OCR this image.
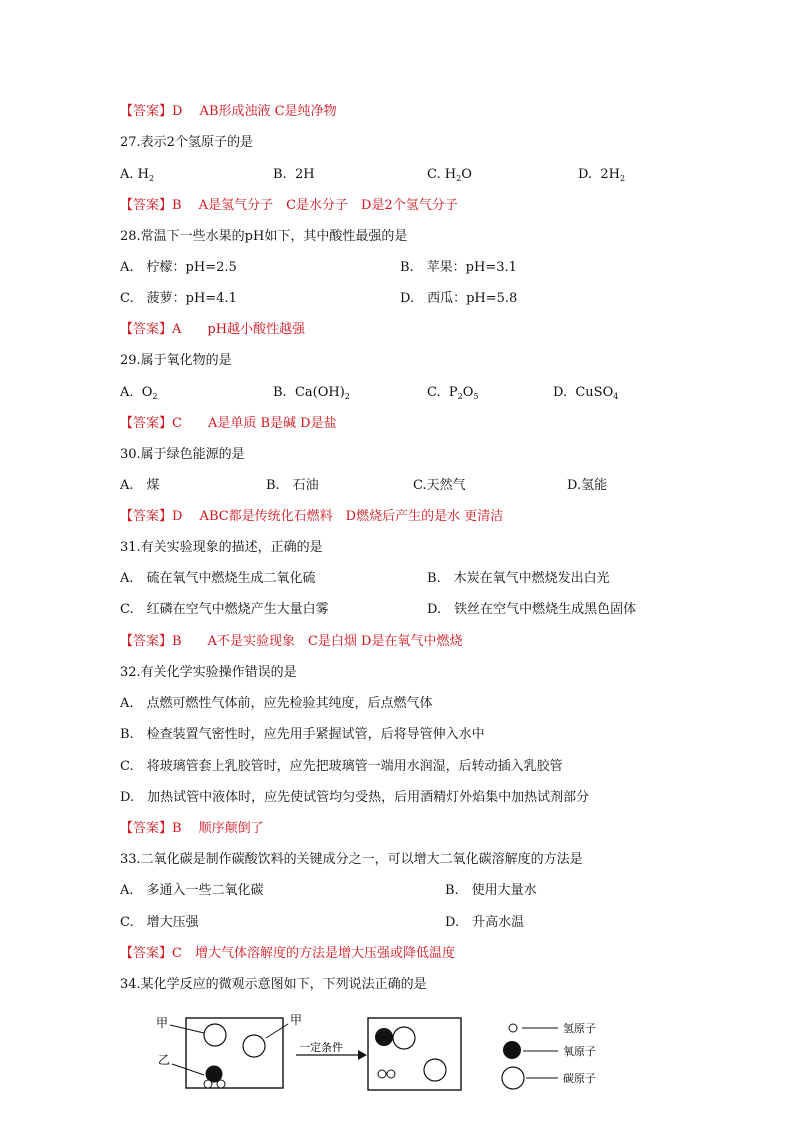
【答案】D　 AB形成浊液 C是纯净物
27.表示2个氢原子的是
A. $H_2$	B. 2H	C. $H_2O$	D. $2H_2$
【答案】B　 A是氢气分子　C是水分子　D是2个氢气分子
28.常温下一些水果的pH如下，其中酸性最强的是
A.　柠檬：pH=2.5	B.　苹果：pH=3.1
C.　菠萝：pH=4.1	D.　西瓜：pH=5.8
【答案】A　　pH越小酸性越强
29.属于氧化物的是
A. $O_2$	B. $Ca(OH)_2$	C. $P_2O_5$	D. CuSO$_4$
【答案】C　　A是单质 B是碱 D是盐
30.属于绿色能源的是
A.　煤	B.　石油	C.天然气	D.氢能
【答案】D　 ABC都是传统化石燃料　D燃烧后产生的是水 更清洁
31.有关实验现象的描述，正确的是
A.　硫在氧气中燃烧生成二氧化硫	B.　木炭在氧气中燃烧发出白光
C.　红磷在空气中燃烧产生大量白雾	D.　铁丝在空气中燃烧生成黑色固体
【答案】B　　A不是实验现象　C是白烟 D是在氧气中燃烧
32.有关化学实验操作错误的是
A.　点燃可燃性气体前，应先检验其纯度，后点燃气体
B.　检查装置气密性时，应先用手紧握试管，后将导管伸入水中
C.　将玻璃管套上乳胶管时，应先把玻璃管一端用水润湿，后转动插入乳胶管
D.　加热试管中液体时，应先使试管均匀受热，后用酒精灯外焰集中加热试剂部分
【答案】B　 顺序颠倒了
33.二氧化碳是制作碳酸饮料的关键成分之一，可以增大二氧化碳溶解度的方法是
A.　多通入一些二氧化碳	B.　使用大量水
C.　增大压强	D.　升高水温
【答案】C　增大气体溶解度的方法是增大压强或降低温度
34.某化学反应的微观示意图如下，下列说法正确的是
甲	甲
乙
一定条件
氢原子
氧原子
碳原子
